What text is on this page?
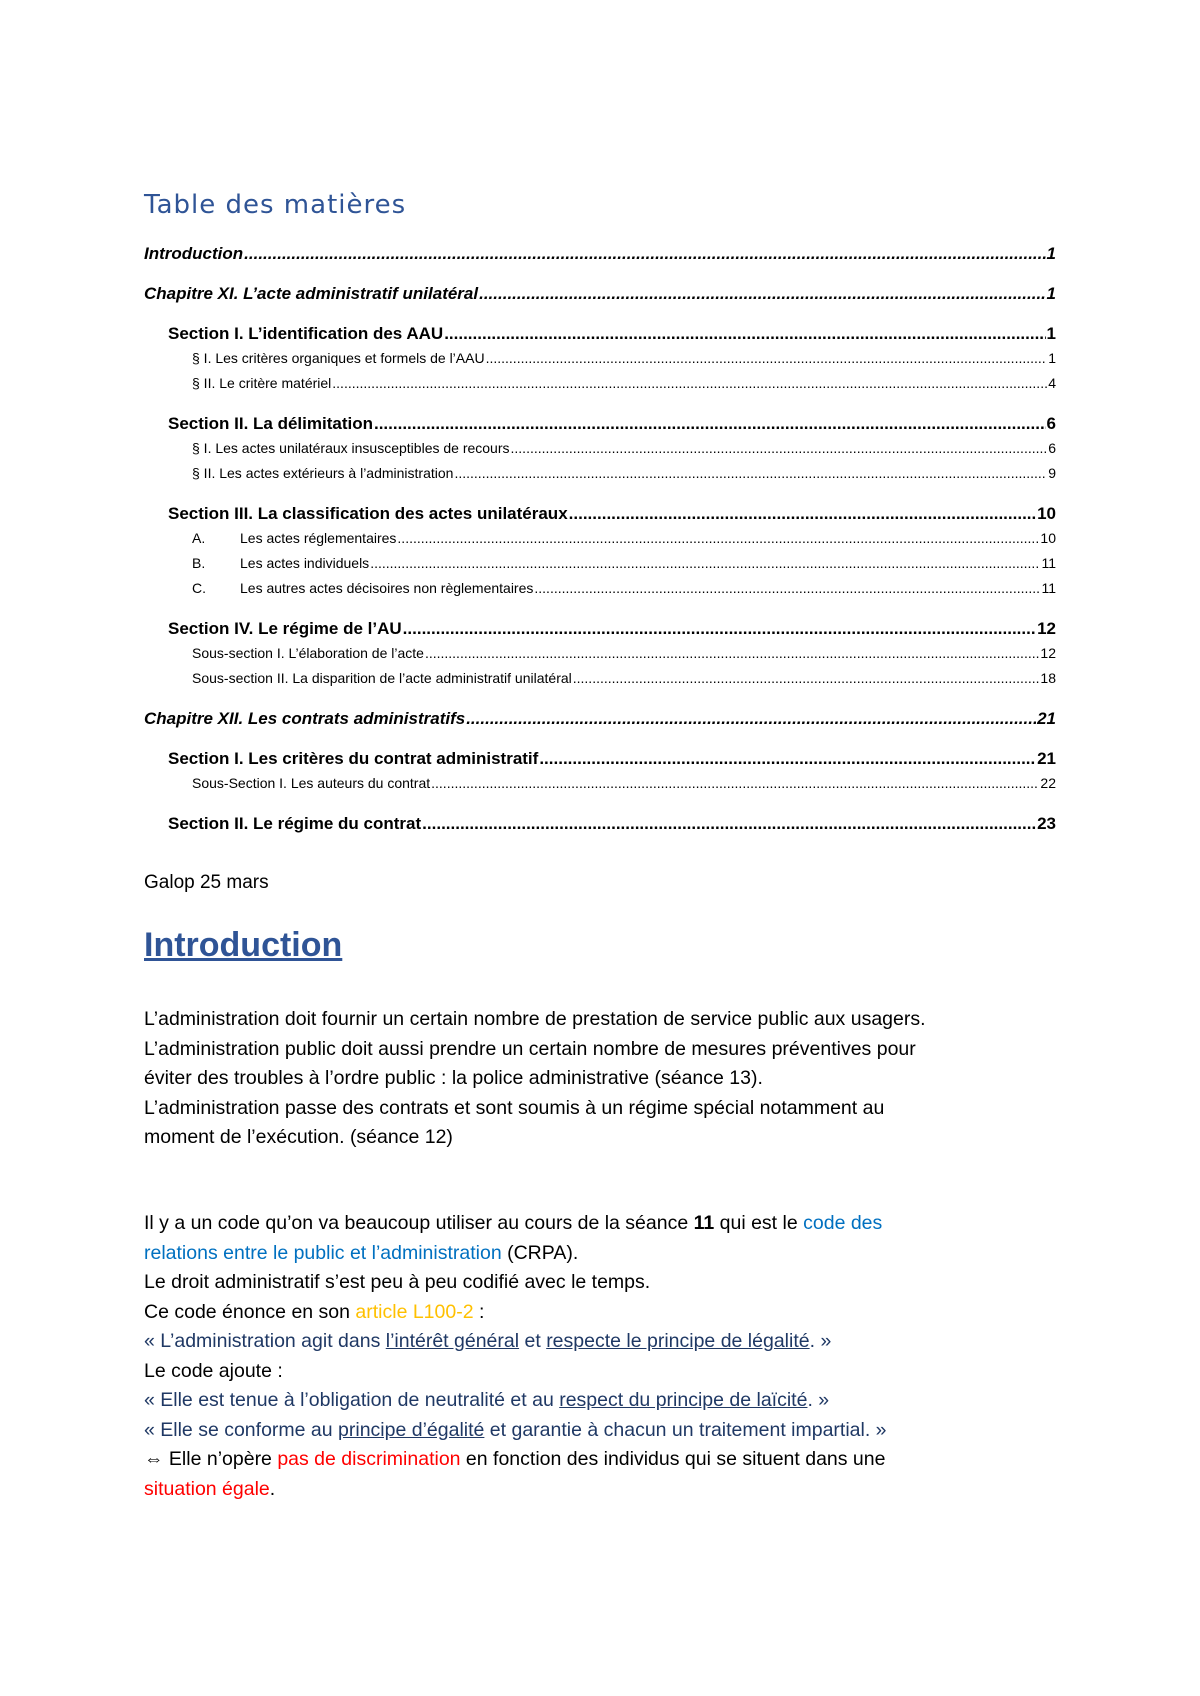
Table des matières
Introduction .....	1
Chapitre XI. L’acte administratif unilatéral .....	1
Section I. L’identification des AAU .....	1
§ I. Les critères organiques et formels de l’AAU .....	1
§ II. Le critère matériel .....	4
Section II. La délimitation .....	6
§ I. Les actes unilatéraux insusceptibles de recours .....	6
§ II. Les actes extérieurs à l’administration .....	9
Section III. La classification des actes unilatéraux .....	10
A. Les actes réglementaires .....	10
B. Les actes individuels .....	11
C. Les autres actes décisoires non règlementaires .....	11
Section IV. Le régime de l’AU .....	12
Sous-section I. L’élaboration de l’acte .....	12
Sous-section II. La disparition de l’acte administratif unilatéral .....	18
Chapitre XII. Les contrats administratifs .....	21
Section I. Les critères du contrat administratif .....	21
Sous-Section I. Les auteurs du contrat .....	22
Section II. Le régime du contrat .....	23
Galop 25 mars
Introduction
L’administration doit fournir un certain nombre de prestation de service public aux usagers.
L’administration public doit aussi prendre un certain nombre de mesures préventives pour
éviter des troubles à l’ordre public : la police administrative (séance 13).
L’administration passe des contrats et sont soumis à un régime spécial notamment au
moment de l’exécution. (séance 12)
Il y a un code qu’on va beaucoup utiliser au cours de la séance 11 qui est le code des
relations entre le public et l’administration (CRPA).
Le droit administratif s’est peu à peu codifié avec le temps.
Ce code énonce en son article L100-2 :
« L’administration agit dans l’intérêt général et respecte le principe de légalité. »
Le code ajoute :
« Elle est tenue à l’obligation de neutralité et au respect du principe de laïcité. »
« Elle se conforme au principe d’égalité et garantie à chacun un traitement impartial. »
⇔ Elle n’opère pas de discrimination en fonction des individus qui se situent dans une
situation égale.
